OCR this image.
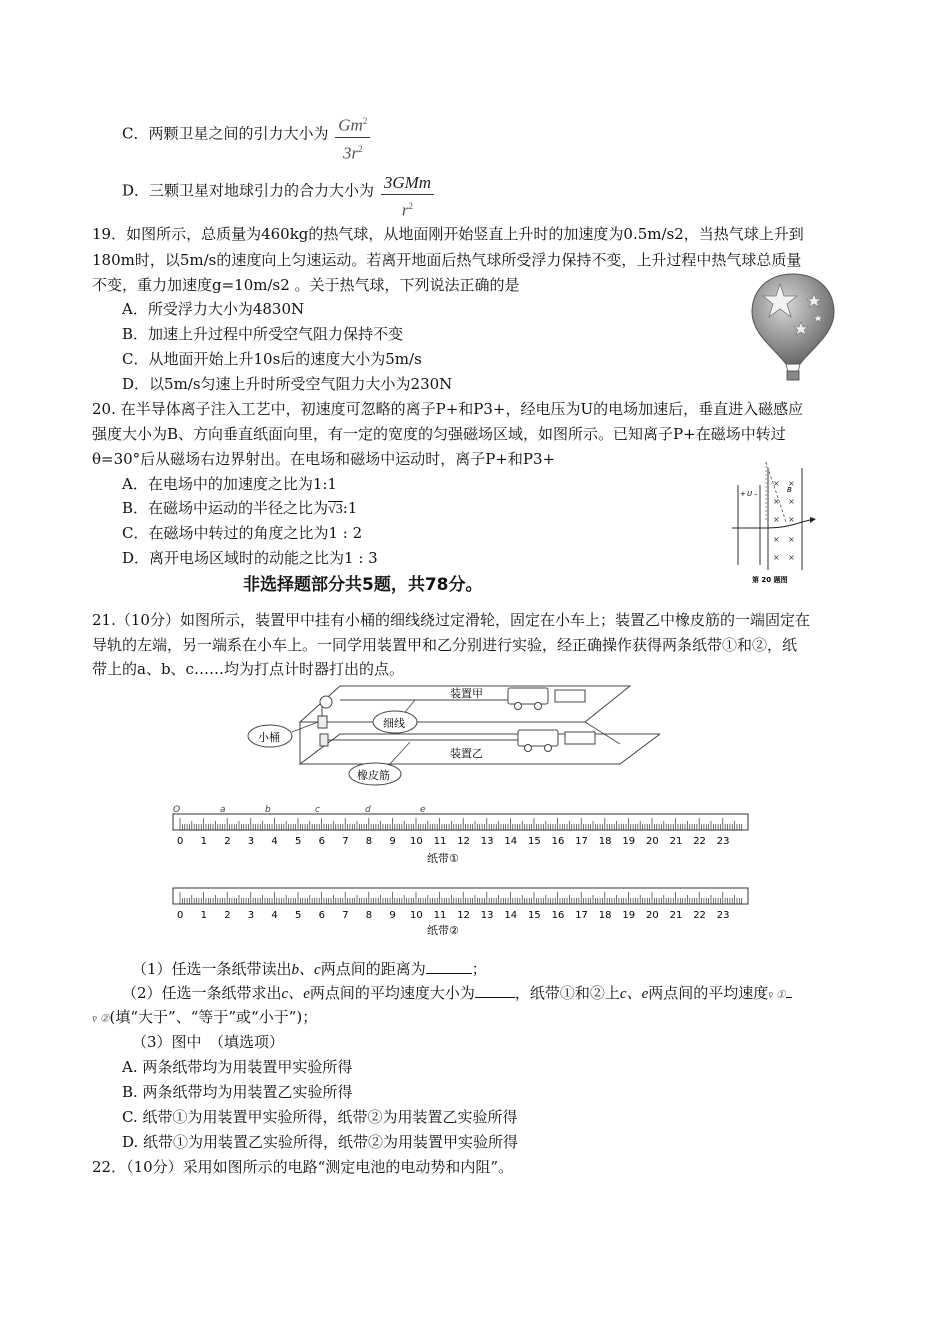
C．两颗卫星之间的引力大小为 $\frac{Gm^2}{3r^2}$
D．三颗卫星对地球引力的合力大小为 $\frac{\text{3GMm}}{r^2}$
19．如图所示，总质量为460kg的热气球，从地面刚开始竖直上升时的加速度为0.5m/s2，当热气球上升到
180m时，以5m/s的速度向上匀速运动。若离开地面后热气球所受浮力保持不变，上升过程中热气球总质量
不变，重力加速度g=10m/s2 。关于热气球，下列说法正确的是
A．所受浮力大小为4830N
B．加速上升过程中所受空气阻力保持不变
C．从地面开始上升10s后的速度大小为5m/s
D．以5m/s匀速上升时所受空气阻力大小为230N
20. 在半导体离子注入工艺中，初速度可忽略的离子P+和P3+，经电压为U的电场加速后，垂直进入磁感应
强度大小为B、方向垂直纸面向里，有一定的宽度的匀强磁场区域，如图所示。已知离子P+在磁场中转过
θ=30°后从磁场右边界射出。在电场和磁场中运动时，离子P+和P3+
A．在电场中的加速度之比为1:1
B．在磁场中运动的半径之比为√3:1
C．在磁场中转过的角度之比为1 : 2
D．离开电场区域时的动能之比为1 : 3
+ U –	B
× ×
× ×
× ×
× ×
× ×
第 20 题图
非选择题部分共5题，共78分。
21.（10分）如图所示，装置甲中挂有小桶的细线绕过定滑轮，固定在小车上；装置乙中橡皮筋的一端固定在
导轨的左端，另一端系在小车上。一同学用装置甲和乙分别进行实验，经正确操作获得两条纸带①和②，纸
带上的a、b、c……均为打点计时器打出的点。
小桶
细线
装置甲
装置乙
橡皮筋
0 1 2 3 4 5 6 7 8 9 10 11 12 13 14 15 16 17 18 19 20 21 22 23
O	a	b	c	d	e
纸带①
0 1 2 3 4 5 6 7 8 9 10 11 12 13 14 15 16 17 18 19 20 21 22 23
纸带②
（1）任选一条纸带读出b、c两点间的距离为	；
（2）任选一条纸带求出c、e两点间的平均速度大小为	，纸带①和②上c、e两点间的平均速度v̄ ①
v̄ ②(填“大于”、“等于”或“小于”)；
（3）图中　（填选项）
A. 两条纸带均为用装置甲实验所得
B. 两条纸带均为用装置乙实验所得
C. 纸带①为用装置甲实验所得，纸带②为用装置乙实验所得
D. 纸带①为用装置乙实验所得，纸带②为用装置甲实验所得
22．（10分）采用如图所示的电路“测定电池的电动势和内阻”。
